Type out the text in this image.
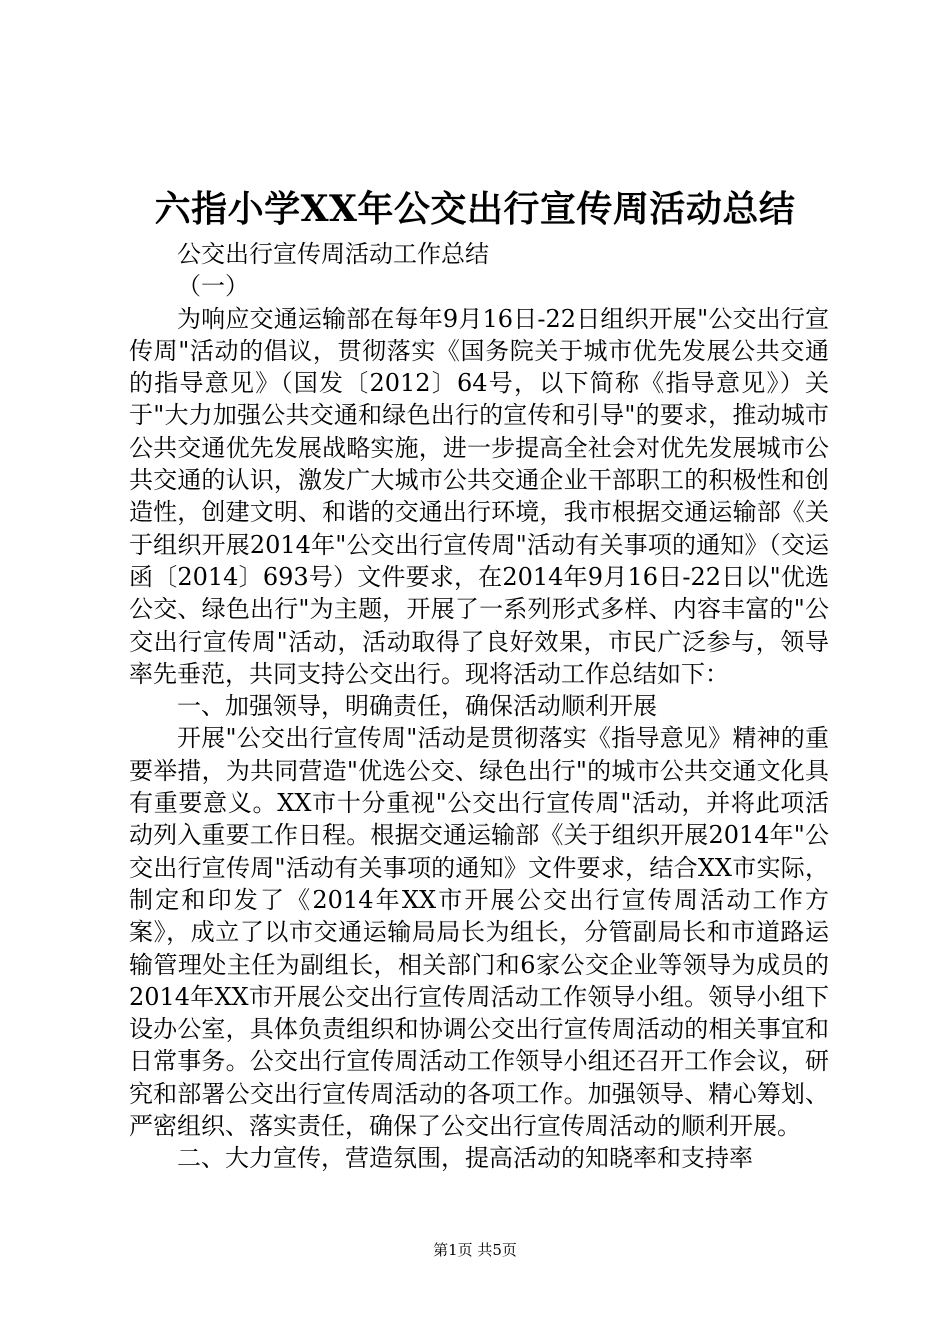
六指小学XX年公交出行宣传周活动总结

公交出行宣传周活动工作总结

（一）

为响应交通运输部在每年9月16日-22日组织开展"公交出行宣传周"活动的倡议，贯彻落实《国务院关于城市优先发展公共交通的指导意见》（国发〔2012〕64号，以下简称《指导意见》）关于"大力加强公共交通和绿色出行的宣传和引导"的要求，推动城市公共交通优先发展战略实施，进一步提高全社会对优先发展城市公共交通的认识，激发广大城市公共交通企业干部职工的积极性和创造性，创建文明、和谐的交通出行环境，我市根据交通运输部《关于组织开展2014年"公交出行宣传周"活动有关事项的通知》（交运函〔2014〕693号）文件要求，在2014年9月16日-22日以"优选公交、绿色出行"为主题，开展了一系列形式多样、内容丰富的"公交出行宣传周"活动，活动取得了良好效果，市民广泛参与，领导率先垂范，共同支持公交出行。现将活动工作总结如下：

一、加强领导，明确责任，确保活动顺利开展

开展"公交出行宣传周"活动是贯彻落实《指导意见》精神的重要举措，为共同营造"优选公交、绿色出行"的城市公共交通文化具有重要意义。XX市十分重视"公交出行宣传周"活动，并将此项活动列入重要工作日程。根据交通运输部《关于组织开展2014年"公交出行宣传周"活动有关事项的通知》文件要求，结合XX市实际，制定和印发了《2014年XX市开展公交出行宣传周活动工作方案》，成立了以市交通运输局局长为组长，分管副局长和市道路运输管理处主任为副组长，相关部门和6家公交企业等领导为成员的2014年XX市开展公交出行宣传周活动工作领导小组。领导小组下设办公室，具体负责组织和协调公交出行宣传周活动的相关事宜和日常事务。公交出行宣传周活动工作领导小组还召开工作会议，研究和部署公交出行宣传周活动的各项工作。加强领导、精心筹划、严密组织、落实责任，确保了公交出行宣传周活动的顺利开展。

二、大力宣传，营造氛围，提高活动的知晓率和支持率

第1页 共5页
